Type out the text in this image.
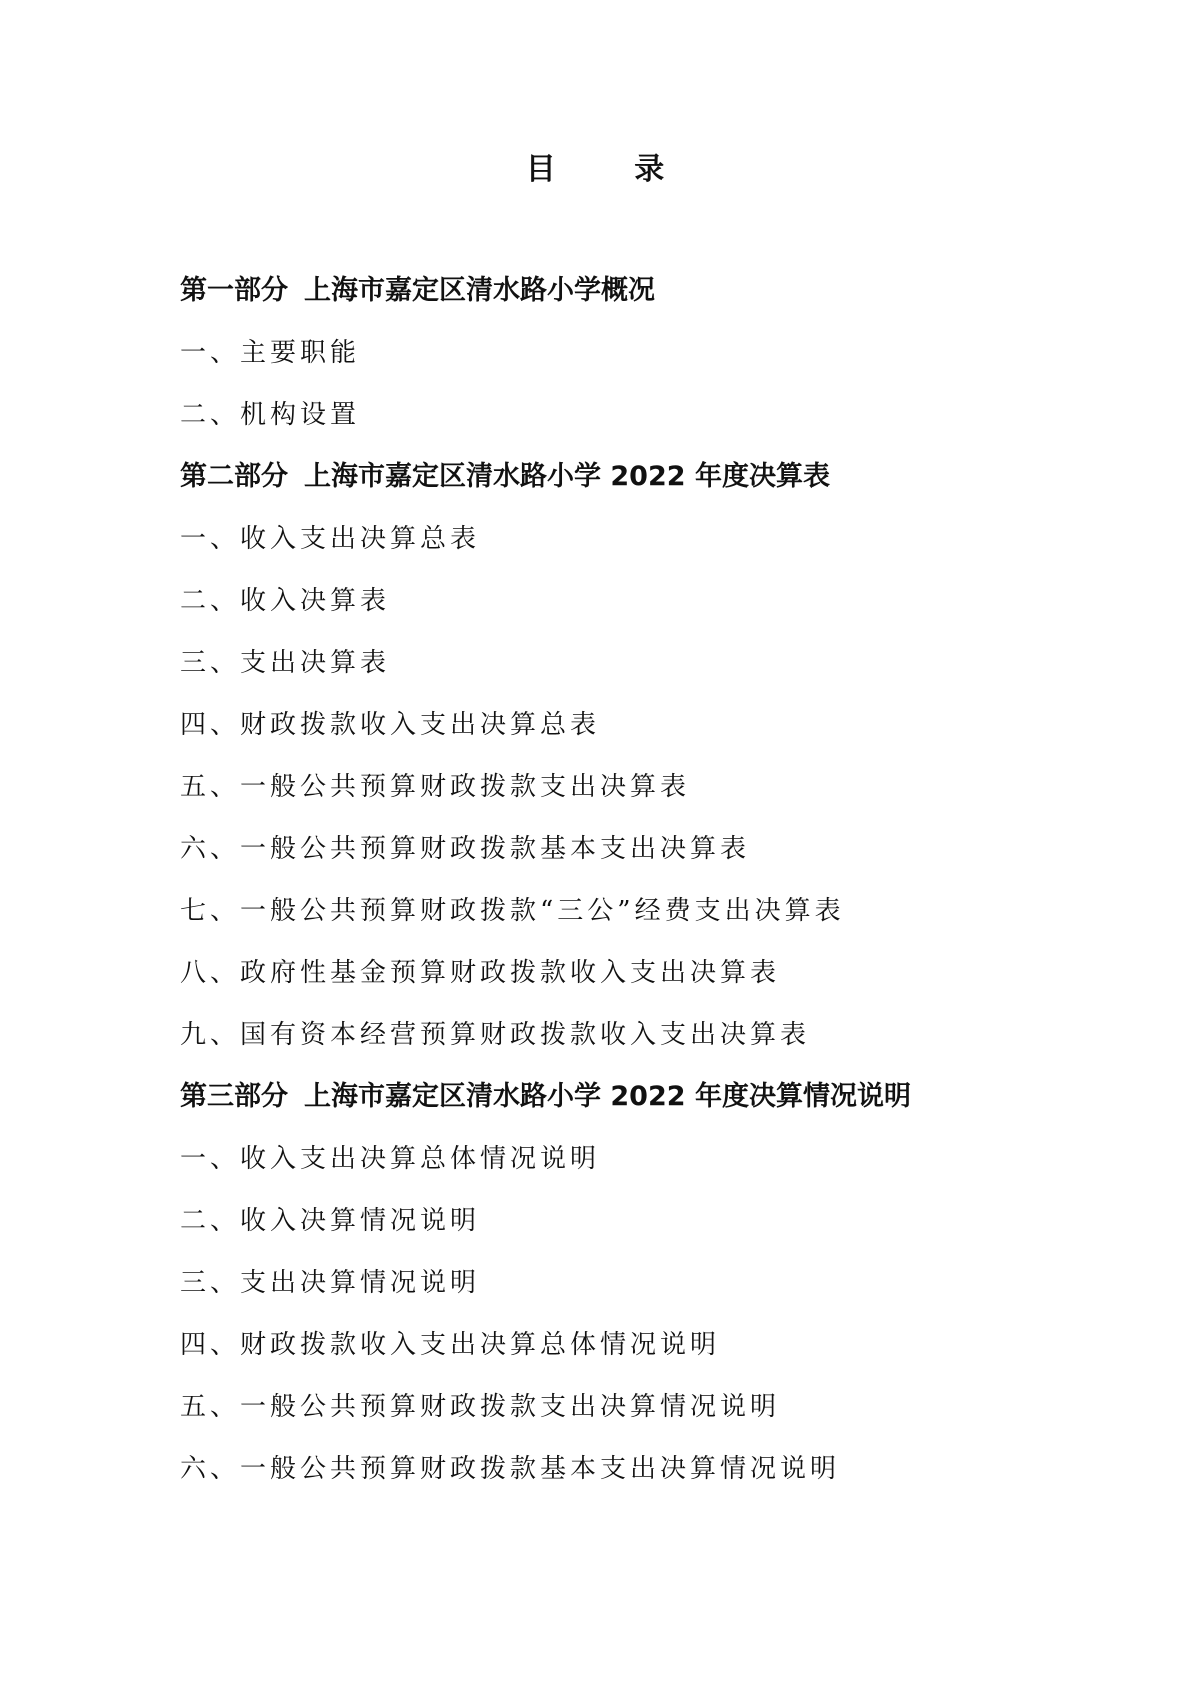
目 录
第一部分 上海市嘉定区清水路小学概况
一、主要职能
二、机构设置
第二部分 上海市嘉定区清水路小学 2022 年度决算表
一、收入支出决算总表
二、收入决算表
三、支出决算表
四、财政拨款收入支出决算总表
五、一般公共预算财政拨款支出决算表
六、一般公共预算财政拨款基本支出决算表
七、一般公共预算财政拨款“三公”经费支出决算表
八、政府性基金预算财政拨款收入支出决算表
九、国有资本经营预算财政拨款收入支出决算表
第三部分 上海市嘉定区清水路小学 2022 年度决算情况说明
一、收入支出决算总体情况说明
二、收入决算情况说明
三、支出决算情况说明
四、财政拨款收入支出决算总体情况说明
五、一般公共预算财政拨款支出决算情况说明
六、一般公共预算财政拨款基本支出决算情况说明
